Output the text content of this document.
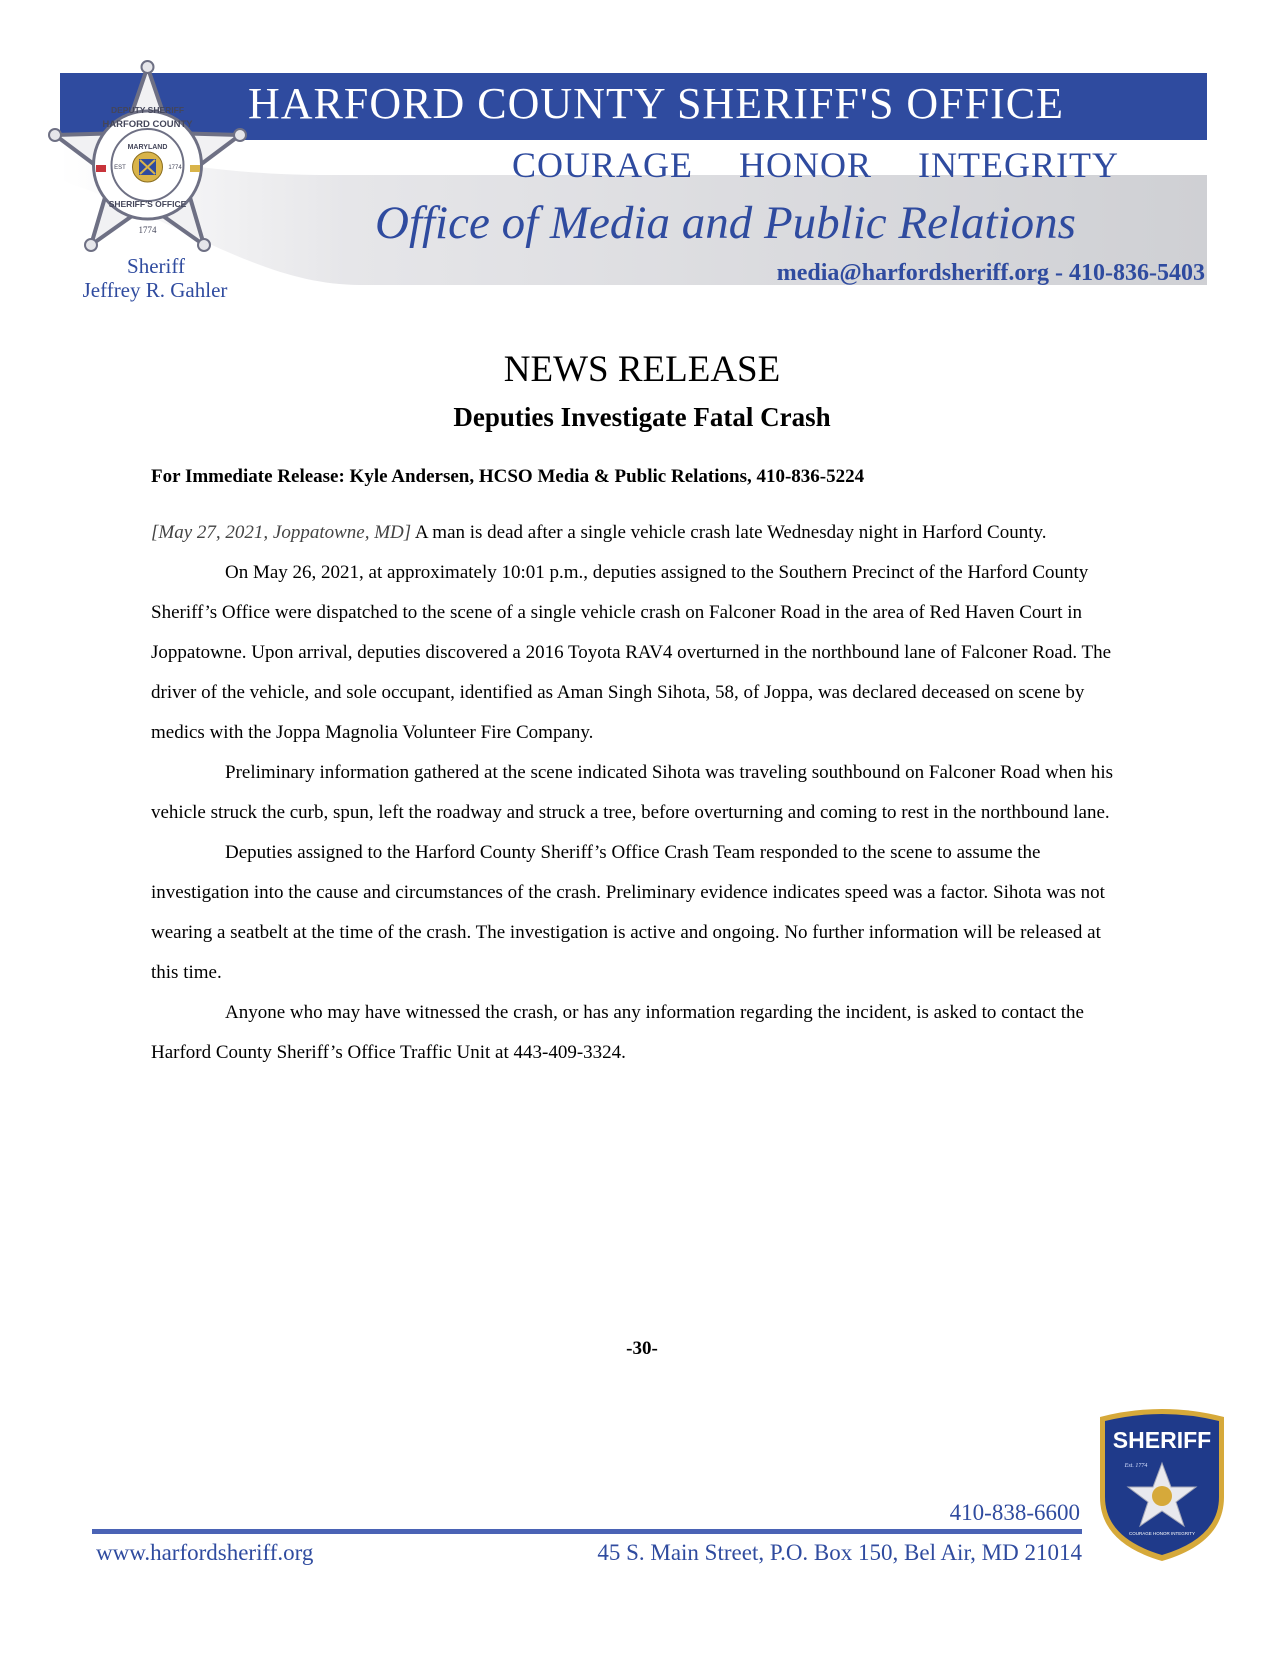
HARFORD COUNTY SHERIFF'S OFFICE
COURAGE HONOR INTEGRITY
Office of Media and Public Relations
media@harfordsheriff.org - 410-836-5403
DEPUTY SHERIFF
HARFORD COUNTY
MARYLAND
EST	1774
SHERIFF'S OFFICE
1774
Sheriff
Jeffrey R. Gahler
NEWS RELEASE
Deputies Investigate Fatal Crash
For Immediate Release: Kyle Andersen, HCSO Media & Public Relations, 410-836-5224

[May 27, 2021, Joppatowne, MD] A man is dead after a single vehicle crash late Wednesday night in Harford County.

On May 26, 2021, at approximately 10:01 p.m., deputies assigned to the Southern Precinct of the Harford County Sheriff’s Office were dispatched to the scene of a single vehicle crash on Falconer Road in the area of Red Haven Court in Joppatowne. Upon arrival, deputies discovered a 2016 Toyota RAV4 overturned in the northbound lane of Falconer Road. The driver of the vehicle, and sole occupant, identified as Aman Singh Sihota, 58, of Joppa, was declared deceased on scene by medics with the Joppa Magnolia Volunteer Fire Company.

Preliminary information gathered at the scene indicated Sihota was traveling southbound on Falconer Road when his vehicle struck the curb, spun, left the roadway and struck a tree, before overturning and coming to rest in the northbound lane.

Deputies assigned to the Harford County Sheriff’s Office Crash Team responded to the scene to assume the investigation into the cause and circumstances of the crash. Preliminary evidence indicates speed was a factor. Sihota was not wearing a seatbelt at the time of the crash. The investigation is active and ongoing. No further information will be released at this time.

Anyone who may have witnessed the crash, or has any information regarding the incident, is asked to contact the Harford County Sheriff’s Office Traffic Unit at 443-409-3324.

-30-
410-838-6600
www.harfordsheriff.org	45 S. Main Street, P.O. Box 150, Bel Air, MD 21014
SHERIFF
Est. 1774
COURAGE HONOR INTEGRITY
